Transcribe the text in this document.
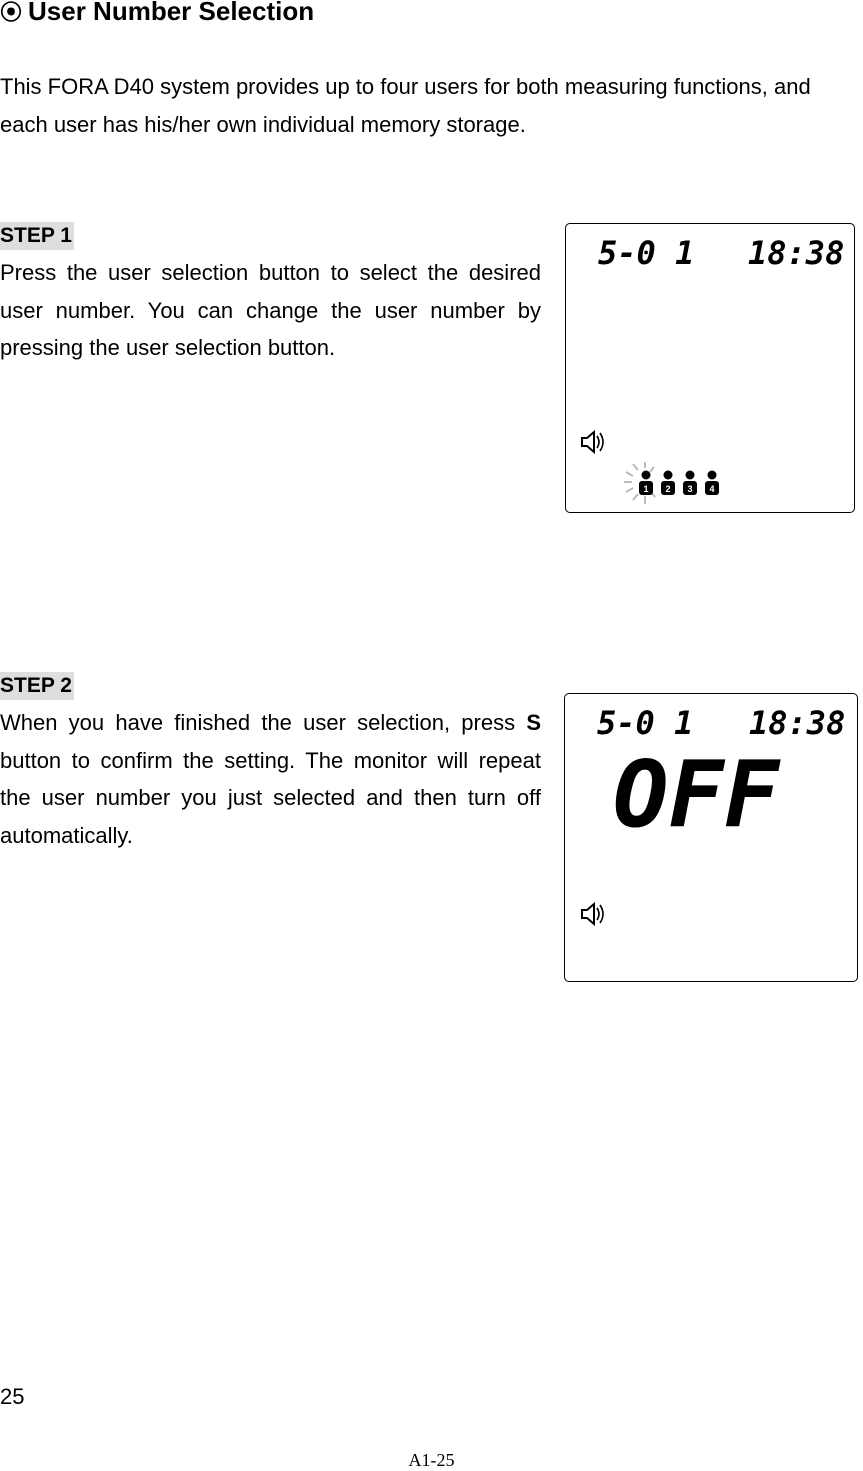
⦿ User Number Selection
This FORA D40 system provides up to four users for both measuring functions, and each user has his/her own individual memory storage.
STEP 1
Press the user selection button to select the desired user number. You can change the user number by pressing the user selection button.
5-0 1 18:38
1 2 3 4
STEP 2
When you have finished the user selection, press S button to confirm the setting. The monitor will repeat the user number you just selected and then turn off automatically.
5-0 1 18:38
OFF
25
A1-25
